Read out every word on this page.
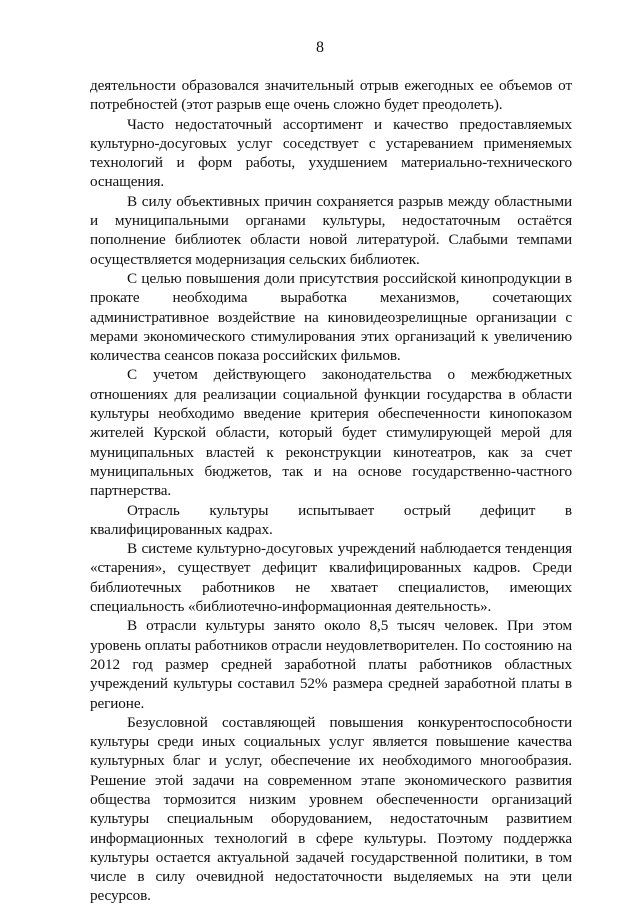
8

деятельности образовался значительный отрыв ежегодных ее объемов от потребностей (этот разрыв еще очень сложно будет преодолеть).

Часто недостаточный ассортимент и качество предоставляемых культурно-досуговых услуг соседствует с устареванием применяемых технологий и форм работы, ухудшением материально-технического оснащения.

В силу объективных причин сохраняется разрыв между областными и муниципальными органами культуры, недостаточным остаётся пополнение библиотек области новой литературой. Слабыми темпами осуществляется модернизация сельских библиотек.

С целью повышения доли присутствия российской кинопродукции в прокате необходима выработка механизмов, сочетающих административное воздействие на киновидеозрелищные организации с мерами экономического стимулирования этих организаций к увеличению количества сеансов показа российских фильмов.

С учетом действующего законодательства о межбюджетных отношениях для реализации социальной функции государства в области культуры необходимо введение критерия обеспеченности кинопоказом жителей Курской области, который будет стимулирующей мерой для муниципальных властей к реконструкции кинотеатров, как за счет муниципальных бюджетов, так и на основе государственно-частного партнерства.

Отрасль культуры испытывает острый дефицит в квалифицированных кадрах.

В системе культурно-досуговых учреждений наблюдается тенденция «старения», существует дефицит квалифицированных кадров. Среди библиотечных работников не хватает специалистов, имеющих специальность «библиотечно-информационная деятельность».

В отрасли культуры занято около 8,5 тысяч человек. При этом уровень оплаты работников отрасли неудовлетворителен. По состоянию на 2012 год размер средней заработной платы работников областных учреждений культуры составил 52% размера средней заработной платы в регионе.

Безусловной составляющей повышения конкурентоспособности культуры среди иных социальных услуг является повышение качества культурных благ и услуг, обеспечение их необходимого многообразия. Решение этой задачи на современном этапе экономического развития общества тормозится низким уровнем обеспеченности организаций культуры специальным оборудованием, недостаточным развитием информационных технологий в сфере культуры. Поэтому поддержка культуры остается актуальной задачей государственной политики, в том числе в силу очевидной недостаточности выделяемых на эти цели ресурсов.
